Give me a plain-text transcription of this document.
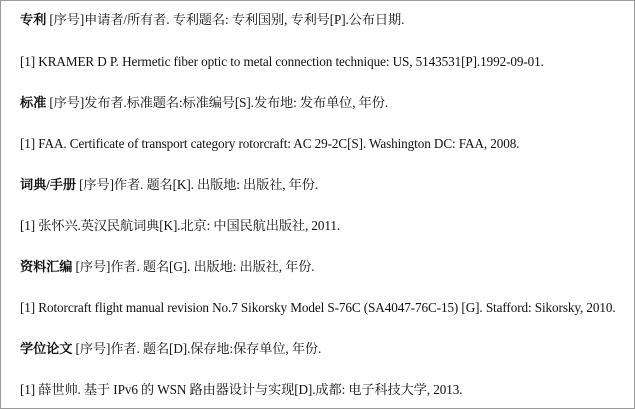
专利 [序号]申请者/所有者. 专利题名: 专利国别, 专利号[P].公布日期.
[1] KRAMER D P. Hermetic fiber optic to metal connection technique: US, 5143531[P].1992-09-01.
标准 [序号]发布者.标准题名:标准编号[S].发布地: 发布单位, 年份.
[1] FAA. Certificate of transport category rotorcraft: AC 29-2C[S]. Washington DC: FAA, 2008.
词典/手册 [序号]作者. 题名[K]. 出版地: 出版社, 年份.
[1] 张怀兴.英汉民航词典[K].北京: 中国民航出版社, 2011.
资料汇编 [序号]作者. 题名[G]. 出版地: 出版社, 年份.
[1] Rotorcraft flight manual revision No.7 Sikorsky Model S-76C (SA4047-76C-15) [G]. Stafford: Sikorsky, 2010.
学位论文 [序号]作者. 题名[D].保存地:保存单位, 年份.
[1] 薛世帅. 基于 IPv6 的 WSN 路由器设计与实现[D].成都: 电子科技大学, 2013.
